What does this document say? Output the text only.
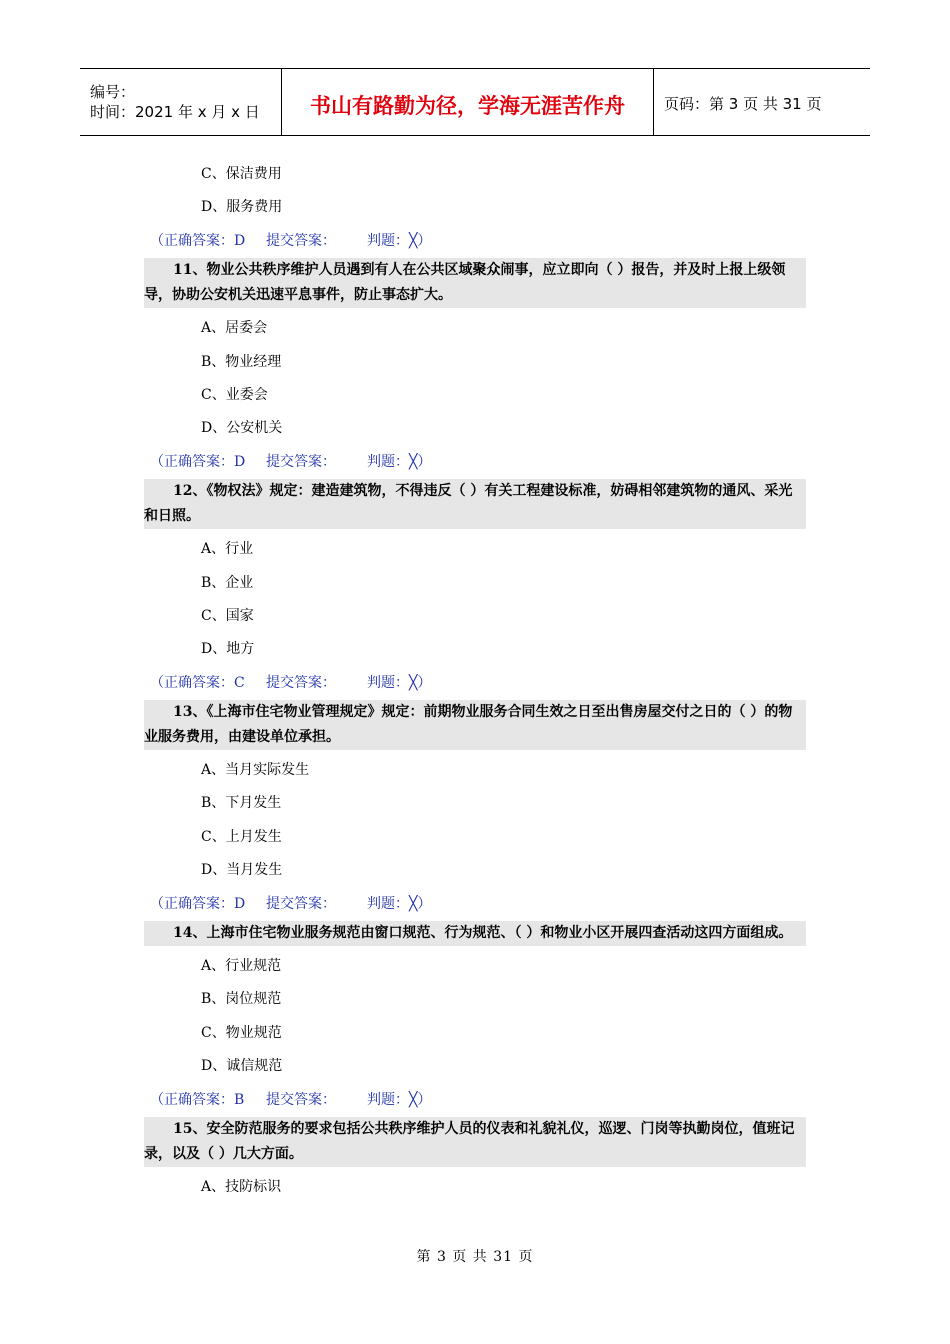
编号：
时间：2021 年 x 月 x 日	书山有路勤为径，学海无涯苦作舟	页码：第 3 页 共 31 页
C、保洁费用
D、服务费用
（正确答案：D 提交答案： 判题：╳）
11、物业公共秩序维护人员遇到有人在公共区域聚众闹事，应立即向（ ）报告，并及时上报上级领导，协助公安机关迅速平息事件，防止事态扩大。
A、居委会
B、物业经理
C、业委会
D、公安机关
（正确答案：D 提交答案： 判题：╳）
12、《物权法》规定：建造建筑物，不得违反（ ）有关工程建设标准，妨碍相邻建筑物的通风、采光和日照。
A、行业
B、企业
C、国家
D、地方
（正确答案：C 提交答案： 判题：╳）
13、《上海市住宅物业管理规定》规定：前期物业服务合同生效之日至出售房屋交付之日的（ ）的物业服务费用，由建设单位承担。
A、当月实际发生
B、下月发生
C、上月发生
D、当月发生
（正确答案：D 提交答案： 判题：╳）
14、上海市住宅物业服务规范由窗口规范、行为规范、（ ）和物业小区开展四查活动这四方面组成。
A、行业规范
B、岗位规范
C、物业规范
D、诚信规范
（正确答案：B 提交答案： 判题：╳）
15、安全防范服务的要求包括公共秩序维护人员的仪表和礼貌礼仪，巡逻、门岗等执勤岗位，值班记录，以及（ ）几大方面。
A、技防标识
第 3 页 共 31 页
